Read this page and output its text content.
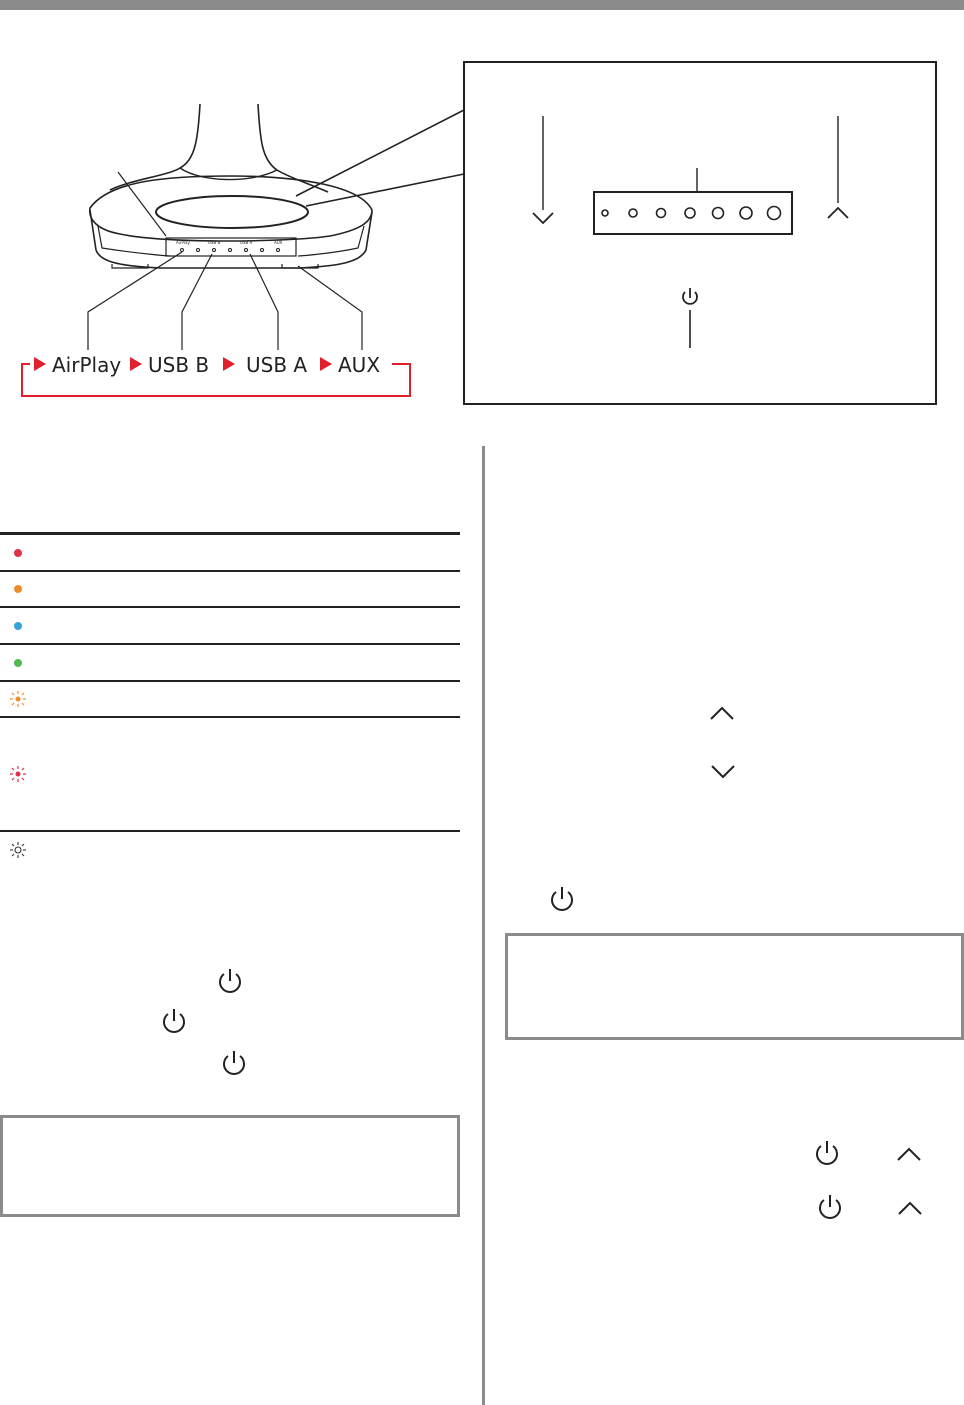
AirPlay	USB B	USB A	AUX
AirPlay USB B USB A AUX
